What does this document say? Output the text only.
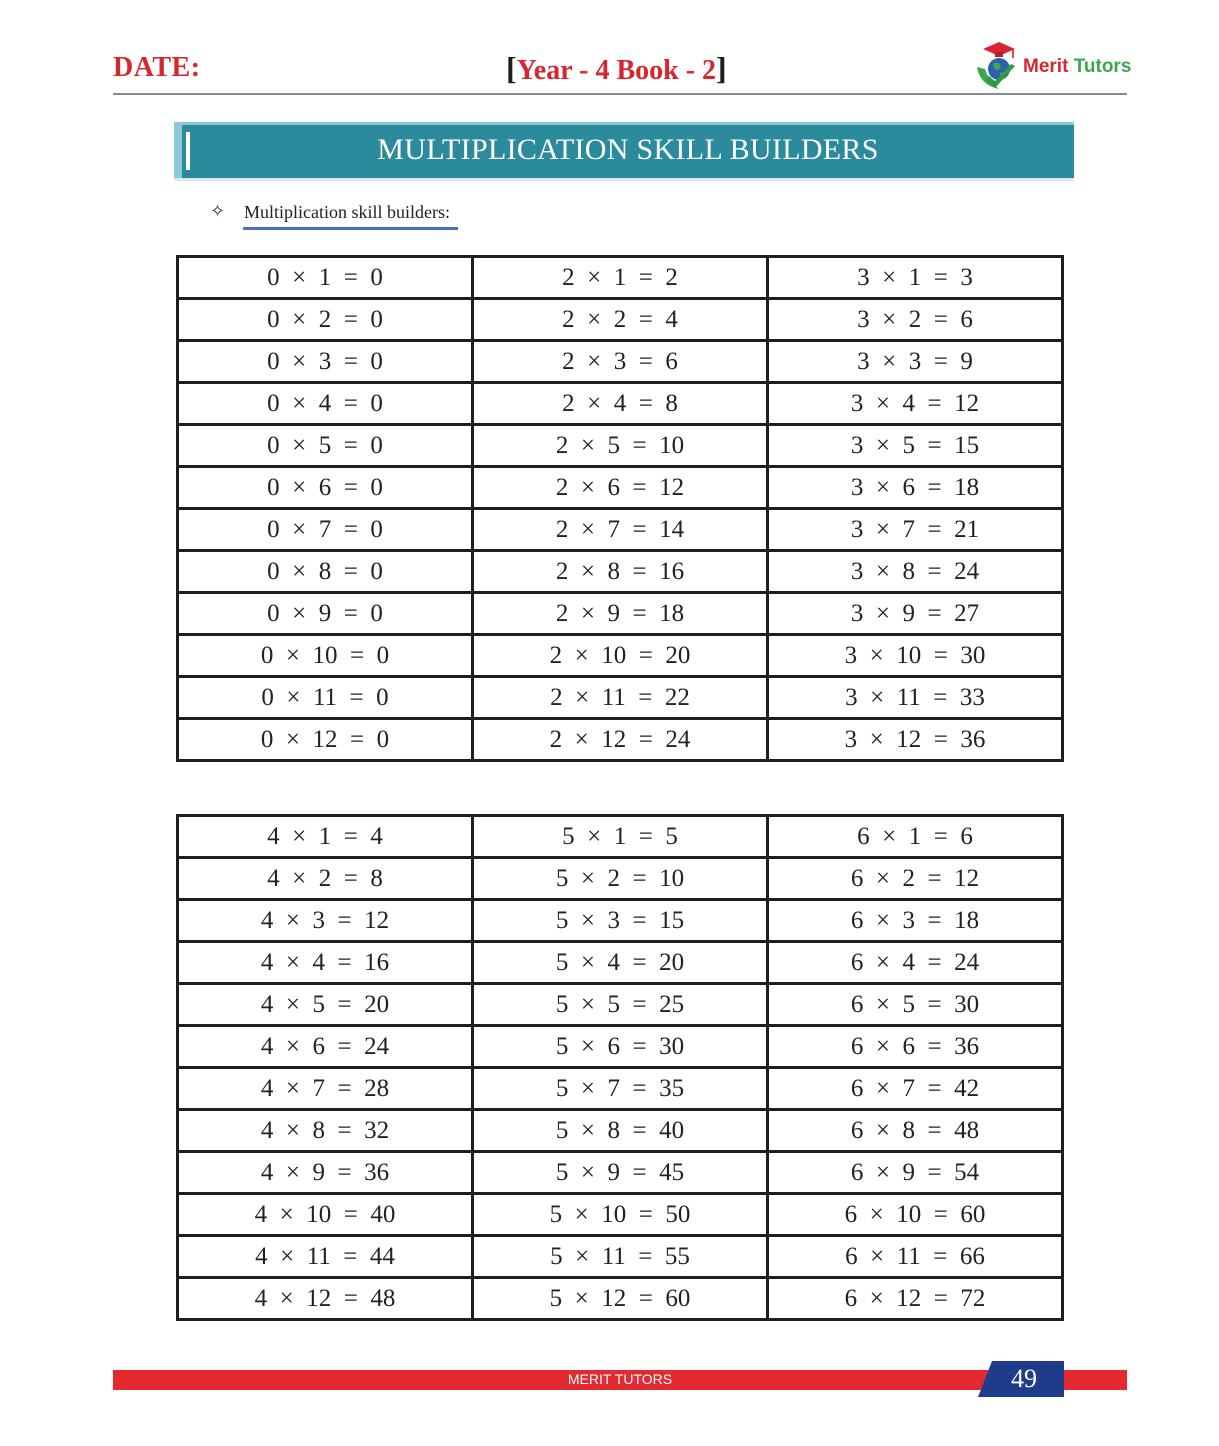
DATE:	[Year - 4 Book - 2]	Merit Tutors
MULTIPLICATION SKILL BUILDERS
✧ Multiplication skill builders:
0  ×  1  =  0	2  ×  1  =  2	3  ×  1  =  3
0  ×  2  =  0	2  ×  2  =  4	3  ×  2  =  6
0  ×  3  =  0	2  ×  3  =  6	3  ×  3  =  9
0  ×  4  =  0	2  ×  4  =  8	3  ×  4  =  12
0  ×  5  =  0	2  ×  5  =  10	3  ×  5  =  15
0  ×  6  =  0	2  ×  6  =  12	3  ×  6  =  18
0  ×  7  =  0	2  ×  7  =  14	3  ×  7  =  21
0  ×  8  =  0	2  ×  8  =  16	3  ×  8  =  24
0  ×  9  =  0	2  ×  9  =  18	3  ×  9  =  27
0  ×  10  =  0	2  ×  10  =  20	3  ×  10  =  30
0  ×  11  =  0	2  ×  11  =  22	3  ×  11  =  33
0  ×  12  =  0	2  ×  12  =  24	3  ×  12  =  36
4  ×  1  =  4	5  ×  1  =  5	6  ×  1  =  6
4  ×  2  =  8	5  ×  2  =  10	6  ×  2  =  12
4  ×  3  =  12	5  ×  3  =  15	6  ×  3  =  18
4  ×  4  =  16	5  ×  4  =  20	6  ×  4  =  24
4  ×  5  =  20	5  ×  5  =  25	6  ×  5  =  30
4  ×  6  =  24	5  ×  6  =  30	6  ×  6  =  36
4  ×  7  =  28	5  ×  7  =  35	6  ×  7  =  42
4  ×  8  =  32	5  ×  8  =  40	6  ×  8  =  48
4  ×  9  =  36	5  ×  9  =  45	6  ×  9  =  54
4  ×  10  =  40	5  ×  10  =  50	6  ×  10  =  60
4  ×  11  =  44	5  ×  11  =  55	6  ×  11  =  66
4  ×  12  =  48	5  ×  12  =  60	6  ×  12  =  72
MERIT TUTORS	49
